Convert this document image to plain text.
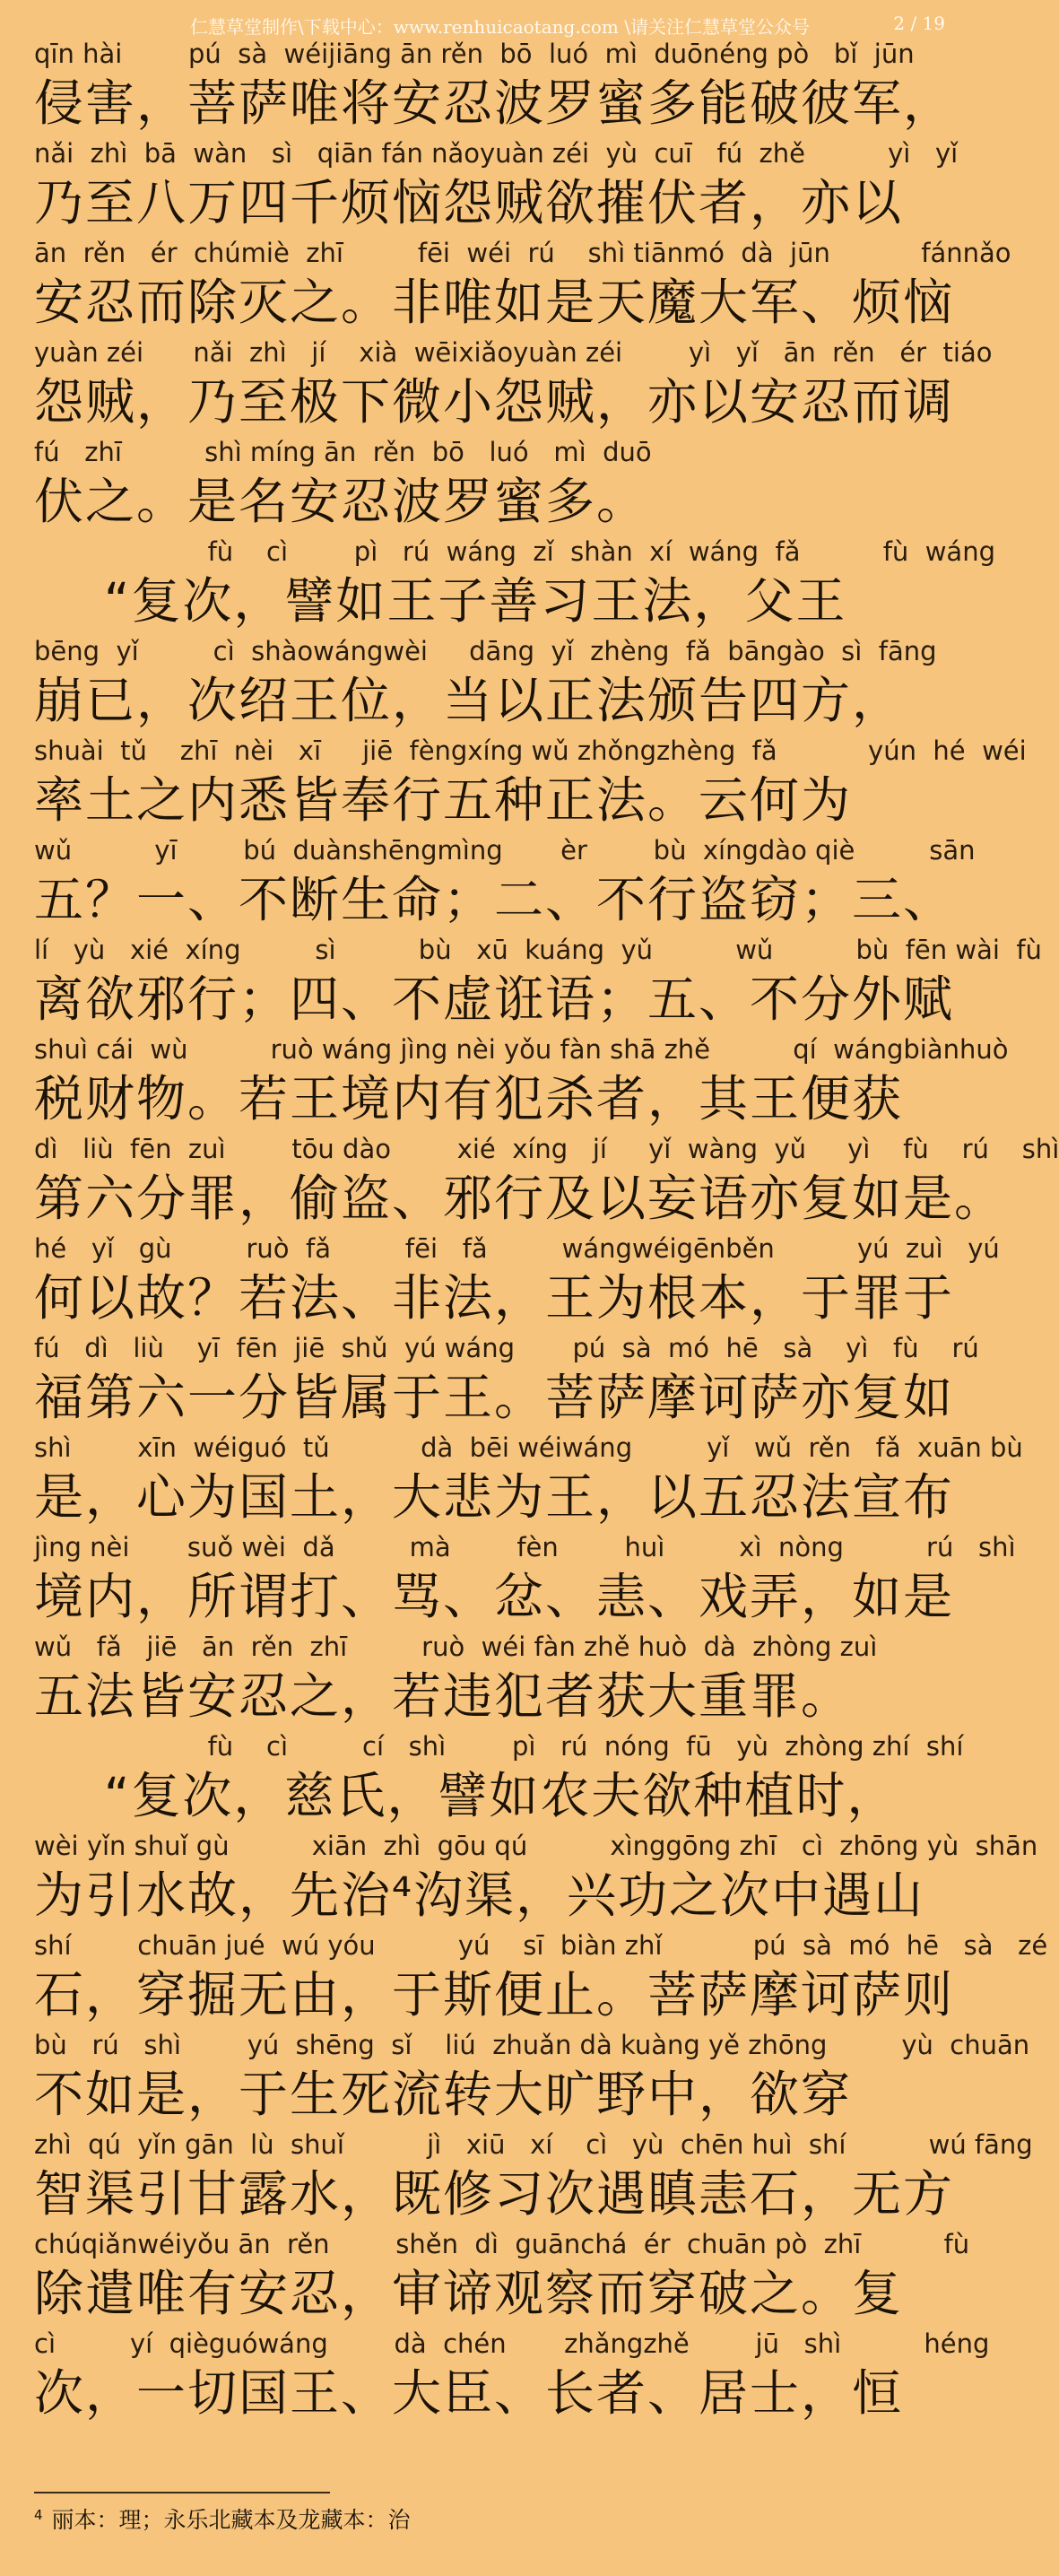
仁慧草堂制作\下载中心：www.renhuicaotang.com \请关注仁慧草堂公众号	2 / 19
qīn hài        pú  sà  wéijiāng ān rěn  bō  luó  mì  duōnéng pò   bǐ  jūn
侵害，菩萨唯将安忍波罗蜜多能破彼军，
nǎi  zhì  bā  wàn   sì   qiān fán nǎoyuàn zéi  yù  cuī   fú  zhě          yì   yǐ
乃至八万四千烦恼怨贼欲摧伏者，亦以
ān  rěn   ér  chúmiè  zhī         fēi  wéi  rú    shì tiānmó  dà  jūn           fánnǎo
安忍而除灭之。非唯如是天魔大军、烦恼
yuàn zéi      nǎi  zhì   jí    xià  wēixiǎoyuàn zéi        yì   yǐ   ān  rěn   ér  tiáo
怨贼，乃至极下微小怨贼，亦以安忍而调
fú   zhī          shì míng ān  rěn  bō   luó   mì  duō
伏之。是名安忍波罗蜜多。
fù    cì        pì   rú  wáng  zǐ  shàn  xí  wáng  fǎ          fù  wáng
“复次，譬如王子善习王法，父王
bēng  yǐ         cì  shàowángwèi     dāng  yǐ  zhèng  fǎ  bāngào  sì  fāng
崩已，次绍王位，当以正法颁告四方，
shuài  tǔ    zhī  nèi   xī     jiē  fèngxíng wǔ zhǒngzhèng  fǎ           yún  hé  wéi
率土之内悉皆奉行五种正法。云何为
wǔ          yī        bú  duànshēngmìng       èr        bù  xíngdào qiè         sān
五？一、不断生命；二、不行盗窃；三、
lí   yù   xié  xíng         sì          bù   xū  kuáng  yǔ          wǔ          bù  fēn wài  fù
离欲邪行；四、不虚诳语；五、不分外赋
shuì cái  wù          ruò wáng jìng nèi yǒu fàn shā zhě          qí  wángbiànhuò
税财物。若王境内有犯杀者，其王便获
dì   liù  fēn  zuì        tōu dào        xié  xíng   jí     yǐ  wàng  yǔ     yì    fù    rú    shì
第六分罪，偷盗、邪行及以妄语亦复如是。
hé   yǐ   gù         ruò  fǎ         fēi   fǎ         wángwéigēnběn          yú  zuì   yú
何以故？若法、非法，王为根本，于罪于
fú   dì   liù    yī  fēn  jiē  shǔ  yú wáng       pú  sà  mó  hē   sà    yì   fù    rú
福第六一分皆属于王。菩萨摩诃萨亦复如
shì        xīn  wéiguó  tǔ           dà  bēi wéiwáng         yǐ   wǔ  rěn   fǎ  xuān bù
是，心为国土，大悲为王，以五忍法宣布
jìng nèi       suǒ wèi  dǎ         mà        fèn        huì         xì  nòng          rú   shì
境内，所谓打、骂、忿、恚、戏弄，如是
wǔ   fǎ   jiē   ān  rěn  zhī         ruò  wéi fàn zhě huò  dà  zhòng zuì
五法皆安忍之，若违犯者获大重罪。
fù    cì         cí   shì        pì   rú  nóng  fū   yù  zhòng zhí  shí
“复次，慈氏，譬如农夫欲种植时，
wèi yǐn shuǐ gù          xiān  zhì  gōu qú          xìnggōng zhī   cì  zhōng yù  shān
为引水故，先治⁴沟渠，兴功之次中遇山
shí        chuān jué  wú yóu          yú    sī  biàn zhǐ           pú  sà  mó  hē   sà   zé
石，穿掘无由，于斯便止。菩萨摩诃萨则
bù   rú   shì        yú  shēng  sǐ    liú  zhuǎn dà kuàng yě zhōng         yù  chuān
不如是，于生死流转大旷野中，欲穿
zhì  qú  yǐn gān  lù  shuǐ          jì   xiū   xí    cì   yù  chēn huì  shí          wú fāng
智渠引甘露水，既修习次遇瞋恚石，无方
chúqiǎnwéiyǒu ān  rěn        shěn  dì  guānchá  ér  chuān pò  zhī          fù
除遣唯有安忍，审谛观察而穿破之。复
cì         yí  qièguówáng        dà  chén       zhǎngzhě        jū   shì          héng
次，一切国王、大臣、长者、居士，恒
$^4$ 丽本：理；永乐北藏本及龙藏本：治
